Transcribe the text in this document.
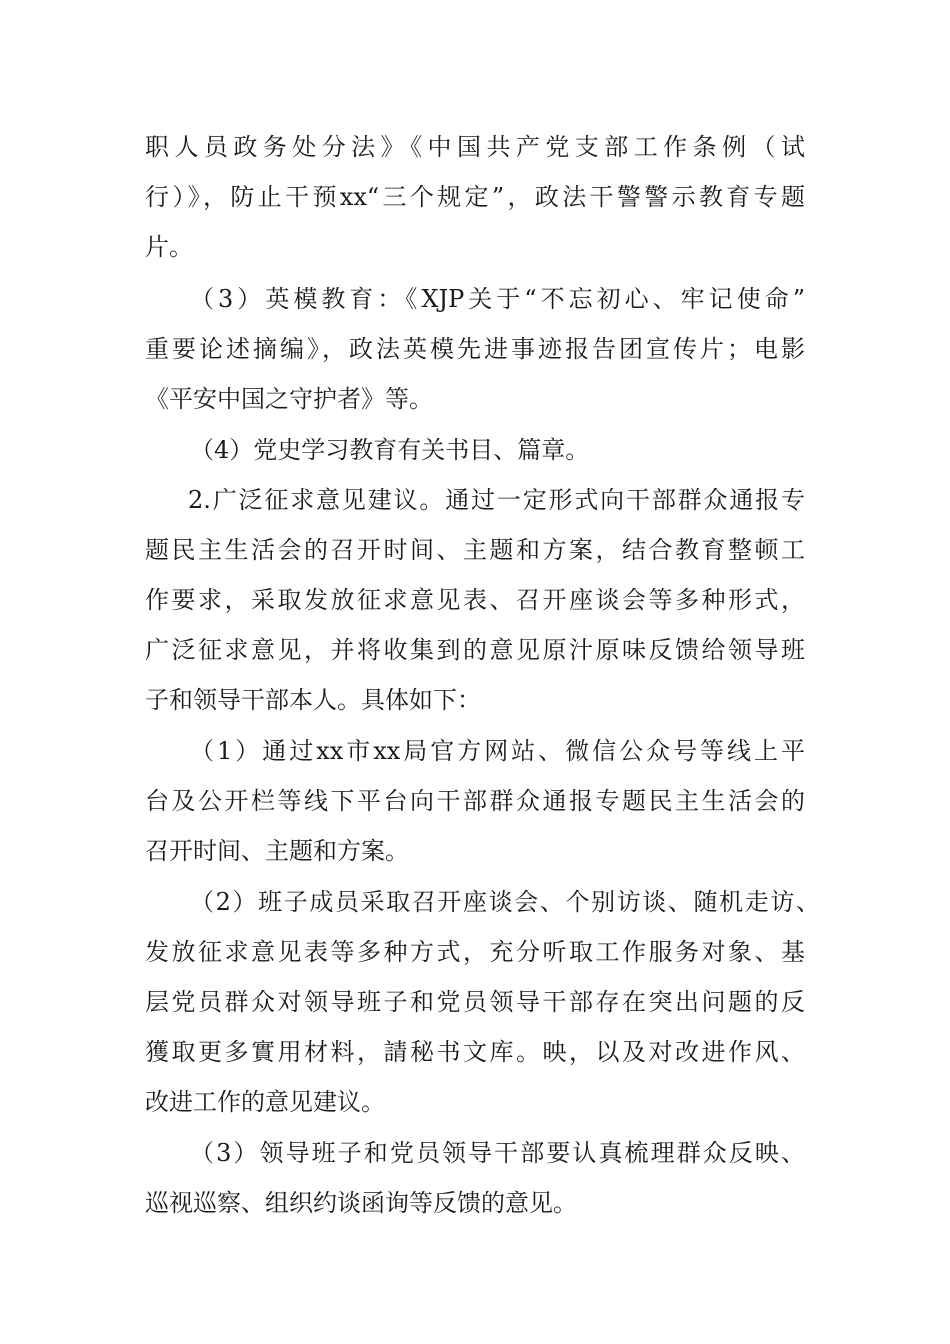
职人员政务处分法》《中国共产党支部工作条例（试
行）》，防止干预xx“三个规定”，政法干警警示教育专题
片。
（3）英模教育：《XJP关于“不忘初心、牢记使命”
重要论述摘编》，政法英模先进事迹报告团宣传片；电影
《平安中国之守护者》等。
（4）党史学习教育有关书目、篇章。
2.广泛征求意见建议。通过一定形式向干部群众通报专
题民主生活会的召开时间、主题和方案，结合教育整顿工
作要求，采取发放征求意见表、召开座谈会等多种形式，
广泛征求意见，并将收集到的意见原汁原味反馈给领导班
子和领导干部本人。具体如下：
（1）通过xx市xx局官方网站、微信公众号等线上平
台及公开栏等线下平台向干部群众通报专题民主生活会的
召开时间、主题和方案。
（2）班子成员采取召开座谈会、个别访谈、随机走访、
发放征求意见表等多种方式，充分听取工作服务对象、基
层党员群众对领导班子和党员领导干部存在突出问题的反
獲取更多實用材料，請秘书文库。映，以及对改进作风、
改进工作的意见建议。
（3）领导班子和党员领导干部要认真梳理群众反映、
巡视巡察、组织约谈函询等反馈的意见。
